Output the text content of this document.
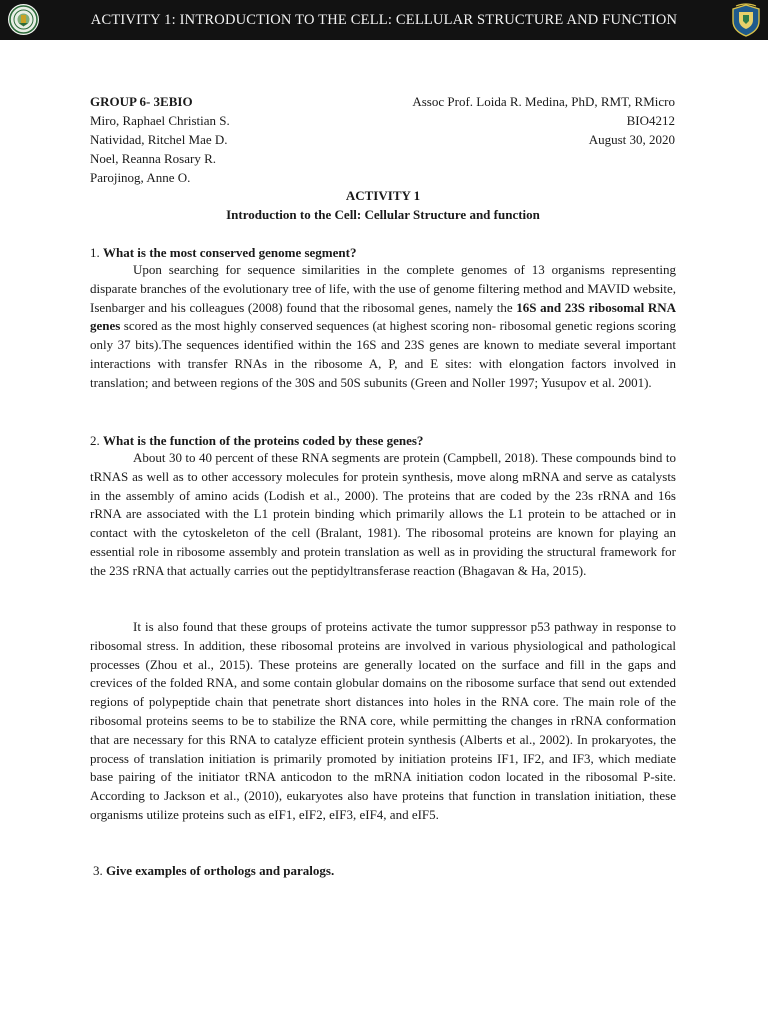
ACTIVITY 1: INTRODUCTION TO THE CELL: CELLULAR STRUCTURE AND FUNCTION
GROUP 6- 3EBIO	Assoc Prof. Loida R. Medina, PhD, RMT, RMicro
Miro, Raphael Christian S.	BIO4212
Natividad, Ritchel Mae D.	August 30, 2020
Noel, Reanna Rosary R.
Parojinog, Anne O.
ACTIVITY 1
Introduction to the Cell: Cellular Structure and function
1. What is the most conserved genome segment?
Upon searching for sequence similarities in the complete genomes of 13 organisms representing disparate branches of the evolutionary tree of life, with the use of genome filtering method and MAVID website, Isenbarger and his colleagues (2008) found that the ribosomal genes, namely the 16S and 23S ribosomal RNA genes scored as the most highly conserved sequences (at highest scoring non- ribosomal genetic regions scoring only 37 bits).The sequences identified within the 16S and 23S genes are known to mediate several important interactions with transfer RNAs in the ribosome A, P, and E sites: with elongation factors involved in translation; and between regions of the 30S and 50S subunits (Green and Noller 1997; Yusupov et al. 2001).
2. What is the function of the proteins coded by these genes?
About 30 to 40 percent of these RNA segments are protein (Campbell, 2018). These compounds bind to tRNAS as well as to other accessory molecules for protein synthesis, move along mRNA and serve as catalysts in the assembly of amino acids (Lodish et al., 2000). The proteins that are coded by the 23s rRNA and 16s rRNA are associated with the L1 protein binding which primarily allows the L1 protein to be attached or in contact with the cytoskeleton of the cell (Bralant, 1981). The ribosomal proteins are known for playing an essential role in ribosome assembly and protein translation as well as in providing the structural framework for the 23S rRNA that actually carries out the peptidyltransferase reaction (Bhagavan & Ha, 2015).
It is also found that these groups of proteins activate the tumor suppressor p53 pathway in response to ribosomal stress. In addition, these ribosomal proteins are involved in various physiological and pathological processes (Zhou et al., 2015). These proteins are generally located on the surface and fill in the gaps and crevices of the folded RNA, and some contain globular domains on the ribosome surface that send out extended regions of polypeptide chain that penetrate short distances into holes in the RNA core. The main role of the ribosomal proteins seems to be to stabilize the RNA core, while permitting the changes in rRNA conformation that are necessary for this RNA to catalyze efficient protein synthesis (Alberts et al., 2002). In prokaryotes, the process of translation initiation is primarily promoted by initiation proteins IF1, IF2, and IF3, which mediate base pairing of the initiator tRNA anticodon to the mRNA initiation codon located in the ribosomal P-site. According to Jackson et al., (2010), eukaryotes also have proteins that function in translation initiation, these organisms utilize proteins such as eIF1, eIF2, eIF3, eIF4, and eIF5.
3. Give examples of orthologs and paralogs.
